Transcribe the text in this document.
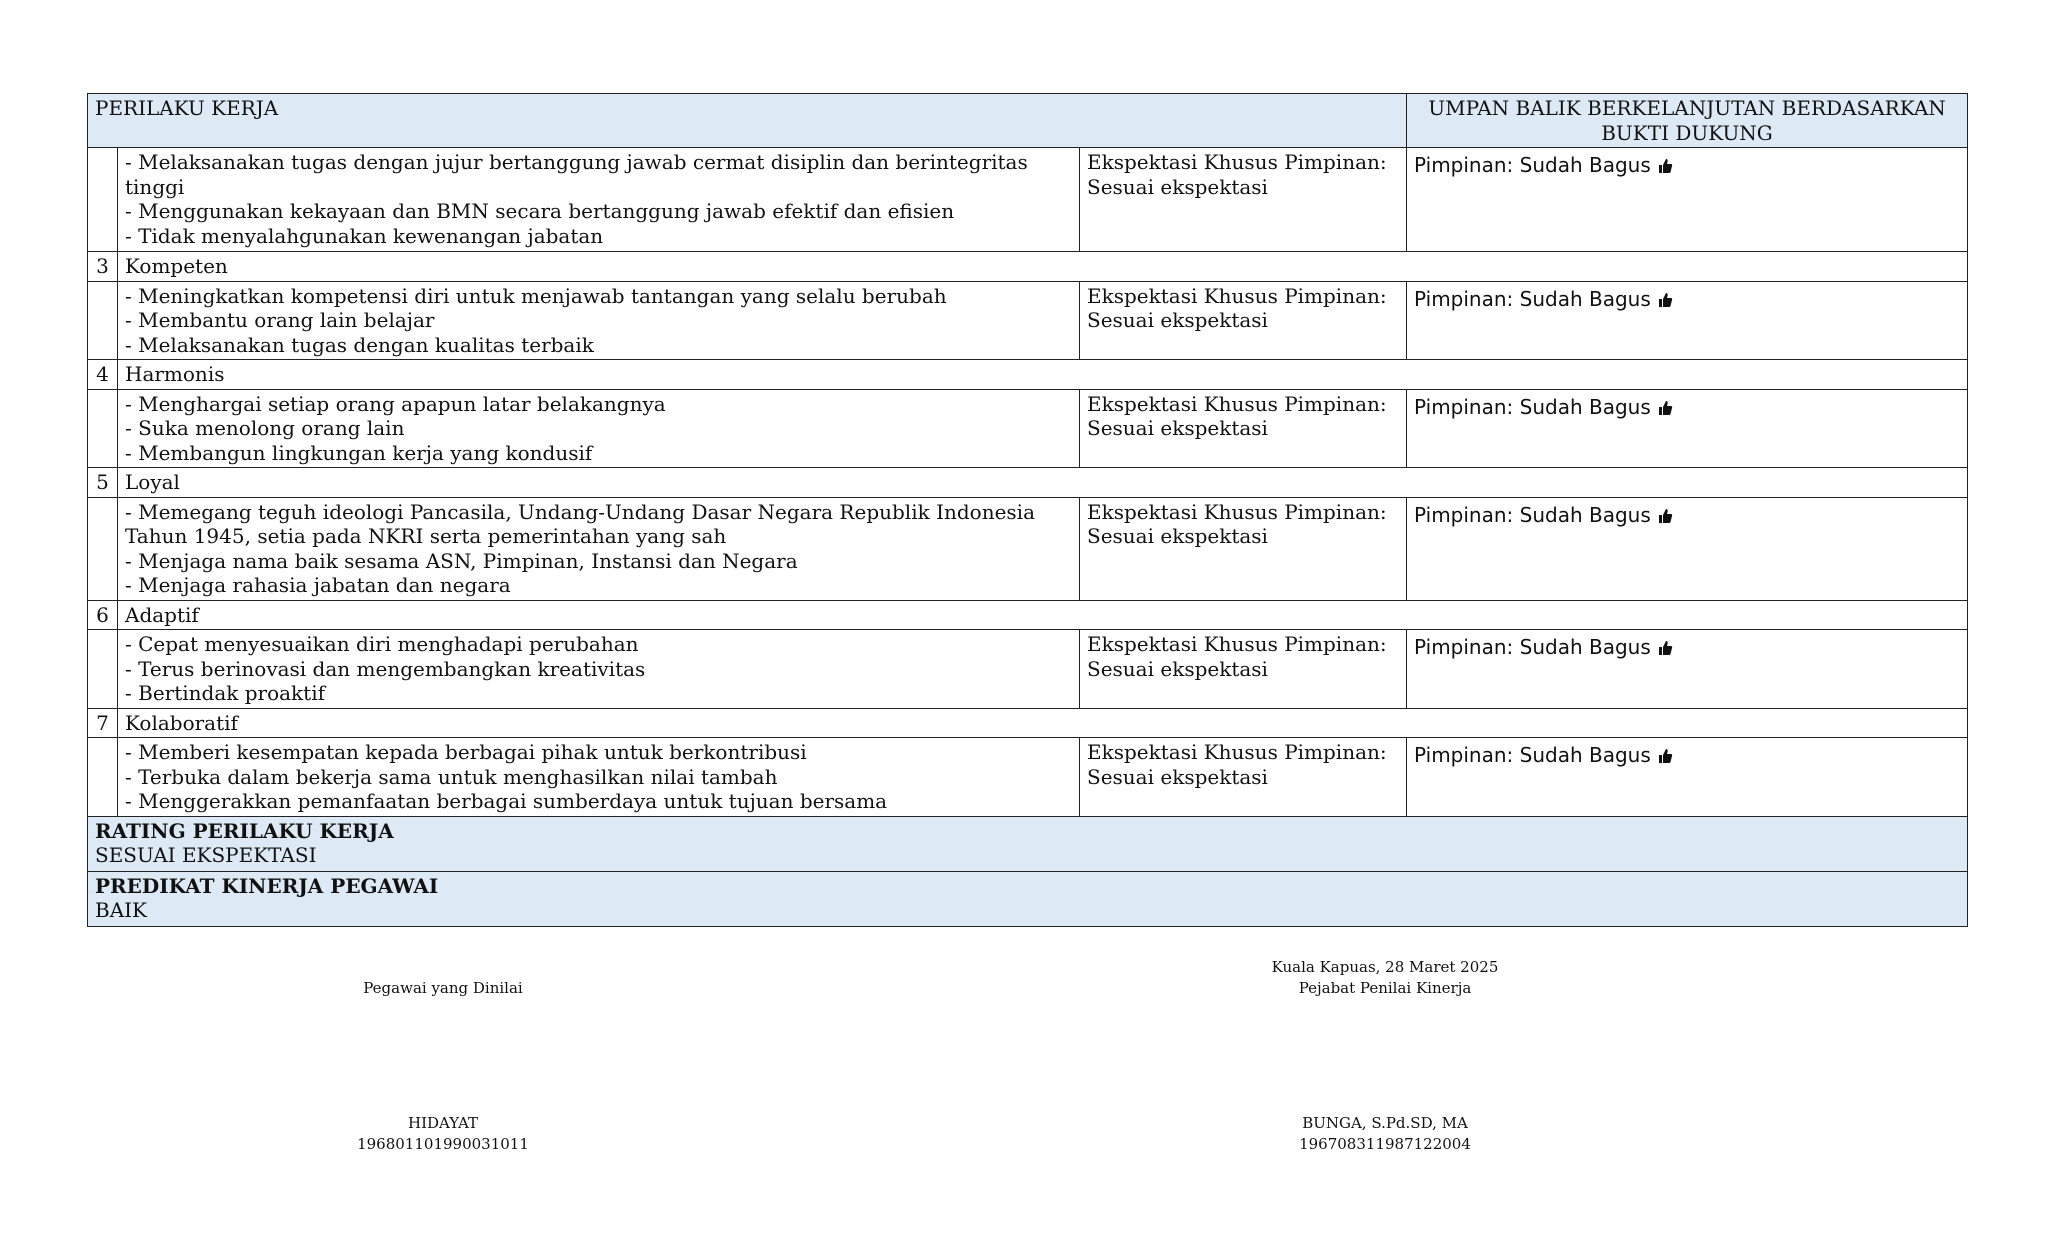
PERILAKU KERJA			UMPAN BALIK BERKELANJUTAN BERDASARKAN BUKTI DUKUNG

	- Melaksanakan tugas dengan jujur bertanggung jawab cermat disiplin dan berintegritas tinggi
- Menggunakan kekayaan dan BMN secara bertanggung jawab efektif dan efisien
- Tidak menyalahgunakan kewenangan jabatan	Ekspektasi Khusus Pimpinan:
Sesuai ekspektasi	Pimpinan: Sudah Bagus
3	Kompeten		

	- Meningkatkan kompetensi diri untuk menjawab tantangan yang selalu berubah
- Membantu orang lain belajar
- Melaksanakan tugas dengan kualitas terbaik	Ekspektasi Khusus Pimpinan:
Sesuai ekspektasi	Pimpinan: Sudah Bagus
4	Harmonis		

	- Menghargai setiap orang apapun latar belakangnya
- Suka menolong orang lain
- Membangun lingkungan kerja yang kondusif	Ekspektasi Khusus Pimpinan:
Sesuai ekspektasi	Pimpinan: Sudah Bagus
5	Loyal		

	- Memegang teguh ideologi Pancasila, Undang-Undang Dasar Negara Republik Indonesia Tahun 1945, setia pada NKRI serta pemerintahan yang sah
- Menjaga nama baik sesama ASN, Pimpinan, Instansi dan Negara
- Menjaga rahasia jabatan dan negara	Ekspektasi Khusus Pimpinan:
Sesuai ekspektasi	Pimpinan: Sudah Bagus
6	Adaptif		

	- Cepat menyesuaikan diri menghadapi perubahan
- Terus berinovasi dan mengembangkan kreativitas
- Bertindak proaktif	Ekspektasi Khusus Pimpinan:
Sesuai ekspektasi	Pimpinan: Sudah Bagus
7	Kolaboratif		

	- Memberi kesempatan kepada berbagai pihak untuk berkontribusi
- Terbuka dalam bekerja sama untuk menghasilkan nilai tambah
- Menggerakkan pemanfaatan berbagai sumberdaya untuk tujuan bersama	Ekspektasi Khusus Pimpinan:
Sesuai ekspektasi	Pimpinan: Sudah Bagus

RATING PERILAKU KERJA
SESUAI EKSPEKTASI			

PREDIKAT KINERJA PEGAWAI
BAIK			
Kuala Kapuas, 28 Maret 2025
Pejabat Penilai Kinerja
Pegawai yang Dinilai
HIDAYAT
196801101990031011
BUNGA, S.Pd.SD, MA
196708311987122004
